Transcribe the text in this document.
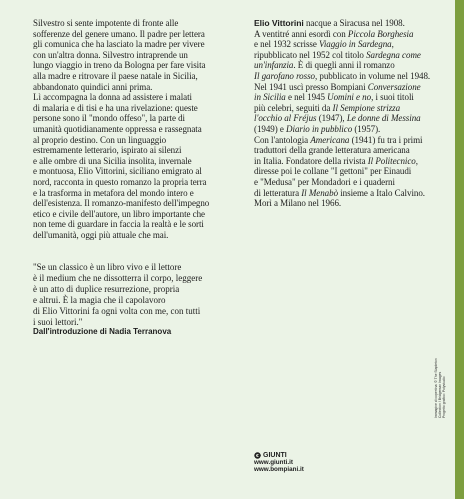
Silvestro si sente impotente di fronte alle

sofferenze del genere umano. Il padre per lettera

gli comunica che ha lasciato la madre per vivere

con un'altra donna. Silvestro intraprende un

lungo viaggio in treno da Bologna per fare visita

alla madre e ritrovare il paese natale in Sicilia,

abbandonato quindici anni prima.

Lì accompagna la donna ad assistere i malati

di malaria e di tisi e ha una rivelazione: queste

persone sono il "mondo offeso", la parte di

umanità quotidianamente oppressa e rassegnata

al proprio destino. Con un linguaggio

estremamente letterario, ispirato ai silenzi

e alle ombre di una Sicilia insolita, invernale

e montuosa, Elio Vittorini, siciliano emigrato al

nord, racconta in questo romanzo la propria terra

e la trasforma in metafora del mondo intero e

dell'esistenza. Il romanzo-manifesto dell'impegno

etico e civile dell'autore, un libro importante che

non teme di guardare in faccia la realtà e le sorti

dell'umanità, oggi più attuale che mai.

Elio Vittorini nacque a Siracusa nel 1908.

A ventitré anni esordì con Piccola Borghesia

e nel 1932 scrisse Viaggio in Sardegna,

ripubblicato nel 1952 col titolo Sardegna come

un'infanzia. È di quegli anni il romanzo

Il garofano rosso, pubblicato in volume nel 1948.

Nel 1941 uscì presso Bompiani Conversazione

in Sicilia e nel 1945 Uomini e no, i suoi titoli

più celebri, seguiti da Il Sempione strizza

l'occhio al Fréjus (1947), Le donne di Messina

(1949) e Diario in pubblico (1957).

Con l'antologia Americana (1941) fu tra i primi

traduttori della grande letteratura americana

in Italia. Fondatore della rivista Il Politecnico,

diresse poi le collane "I gettoni" per Einaudi

e "Medusa" per Mondadori e i quaderni

di letteratura Il Menabò insieme a Italo Calvino.

Morì a Milano nel 1966.

"Se un classico è un libro vivo e il lettore

è il medium che ne dissotterra il corpo, leggere

è un atto di duplice resurrezione, propria

e altrui. È la magia che il capolavoro

di Elio Vittorini fa ogni volta con me, con tutti

i suoi lettori."

Dall'introduzione di Nadia Terranova

Immagine di copertina: © The Stapleton Collection / Bridgeman Images Progetto grafico: Polystudio
GIUNTI
www.giunti.it
www.bompiani.it
